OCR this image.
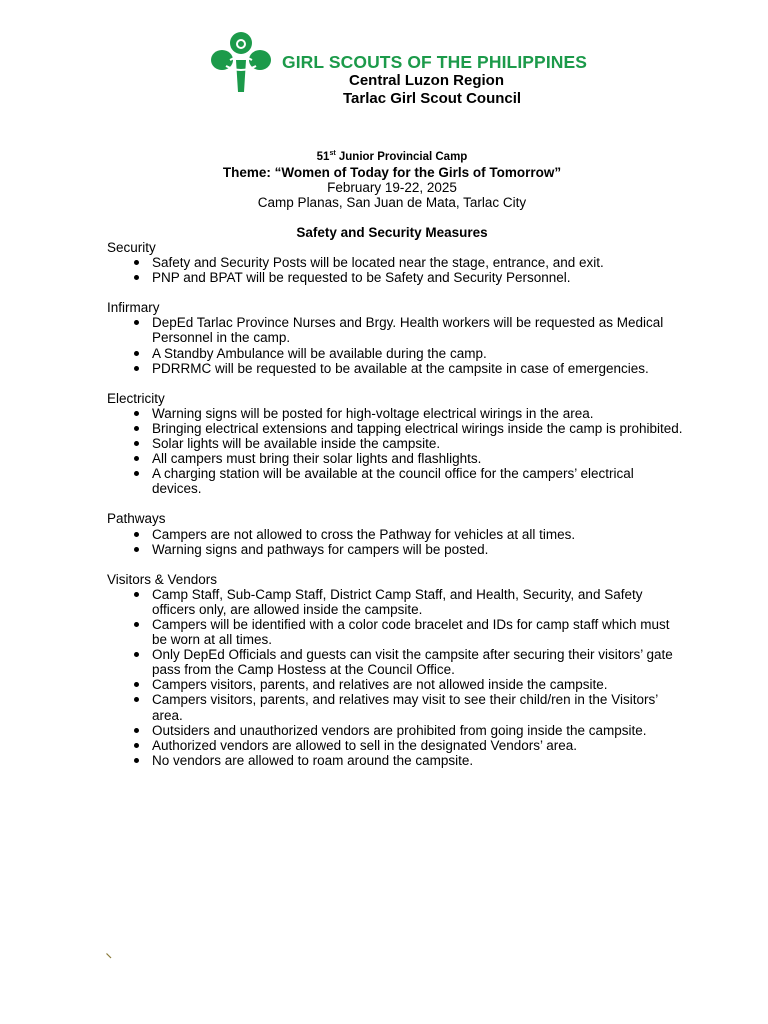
GIRL SCOUTS OF THE PHILIPPINES
Central Luzon Region
Tarlac Girl Scout Council
51st Junior Provincial Camp
Theme: “Women of Today for the Girls of Tomorrow”
February 19-22, 2025
Camp Planas, San Juan de Mata, Tarlac City
Safety and Security Measures
Security
Safety and Security Posts will be located near the stage, entrance, and exit.
PNP and BPAT will be requested to be Safety and Security Personnel.
Infirmary
DepEd Tarlac Province Nurses and Brgy. Health workers will be requested as Medical Personnel in the camp.
A Standby Ambulance will be available during the camp.
PDRRMC will be requested to be available at the campsite in case of emergencies.
Electricity
Warning signs will be posted for high-voltage electrical wirings in the area.
Bringing electrical extensions and tapping electrical wirings inside the camp is prohibited.
Solar lights will be available inside the campsite.
All campers must bring their solar lights and flashlights.
A charging station will be available at the council office for the campers’ electrical devices.
Pathways
Campers are not allowed to cross the Pathway for vehicles at all times.
Warning signs and pathways for campers will be posted.
Visitors & Vendors
Camp Staff, Sub-Camp Staff, District Camp Staff, and Health, Security, and Safety officers only, are allowed inside the campsite.
Campers will be identified with a color code bracelet and IDs for camp staff which must be worn at all times.
Only DepEd Officials and guests can visit the campsite after securing their visitors’ gate pass from the Camp Hostess at the Council Office.
Campers visitors, parents, and relatives are not allowed inside the campsite.
Campers visitors, parents, and relatives may visit to see their child/ren in the Visitors’ area.
Outsiders and unauthorized vendors are prohibited from going inside the campsite.
Authorized vendors are allowed to sell in the designated Vendors’ area.
No vendors are allowed to roam around the campsite.
